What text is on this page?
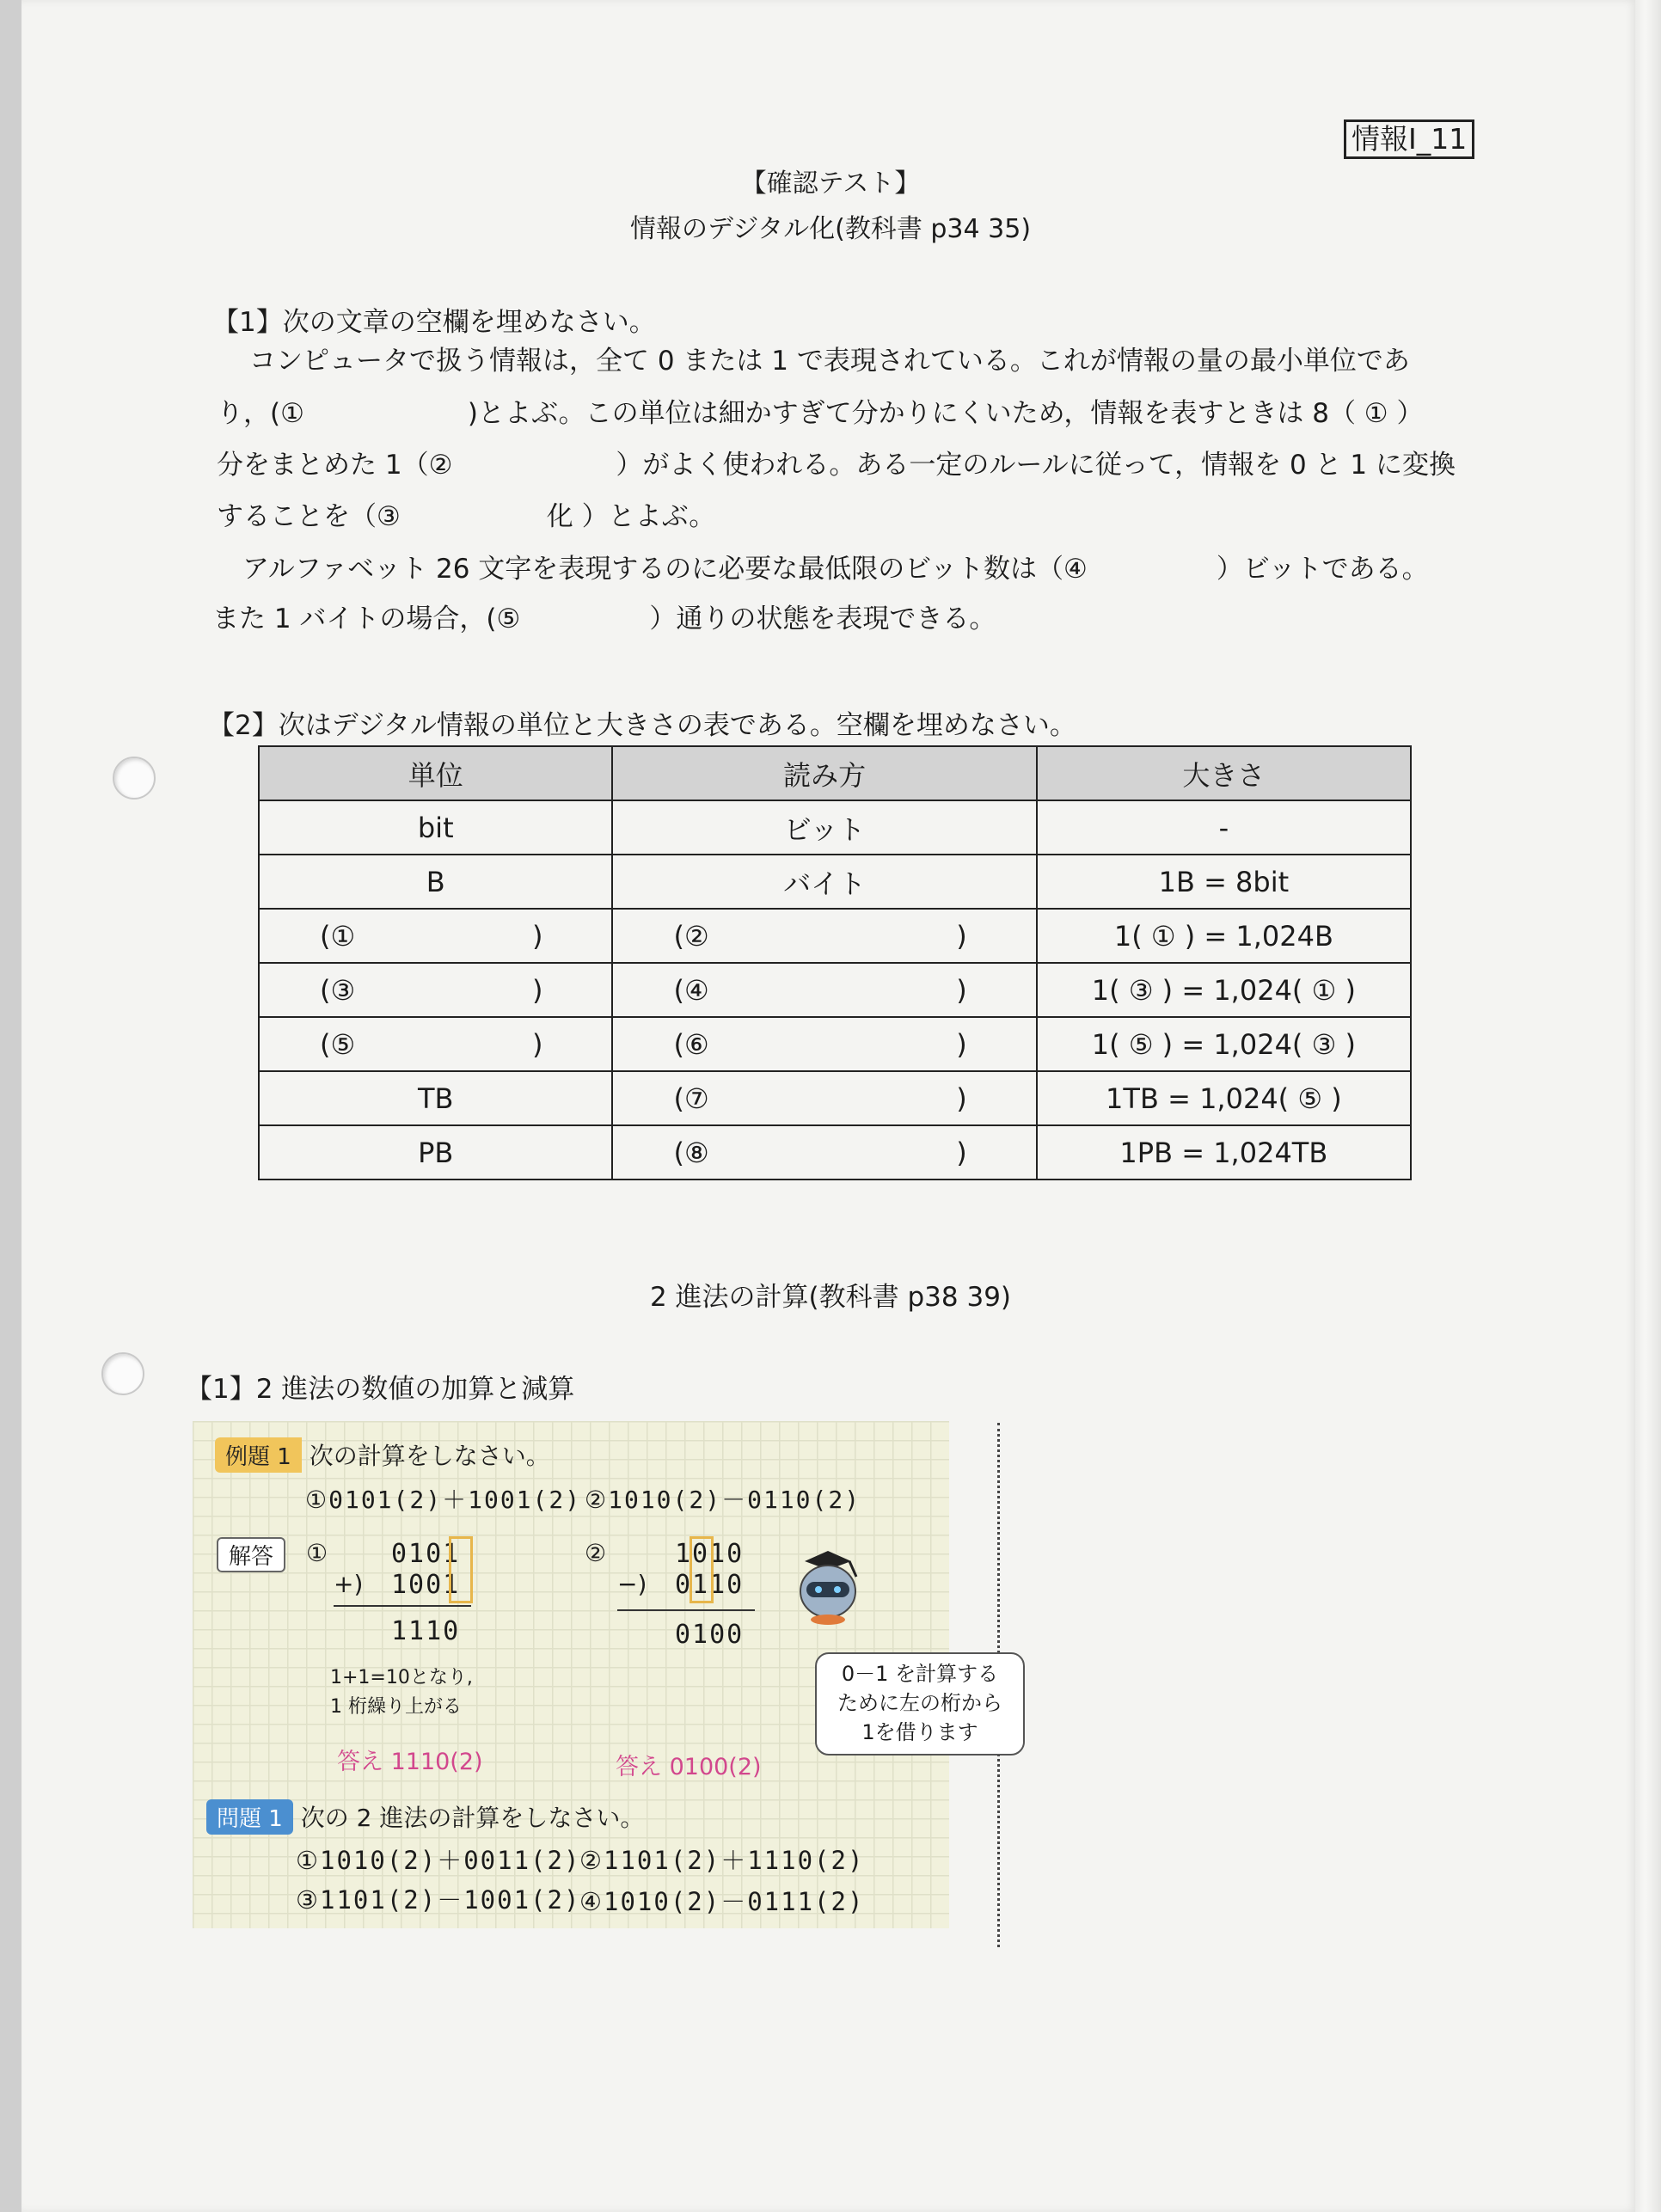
情報Ⅰ_11
【確認テスト】
情報のデジタル化(教科書 p34 35)
【1】次の文章の空欄を埋めなさい。
コンピュータで扱う情報は，全て 0 または 1 で表現されている。これが情報の量の最小単位であ
り，(①	)とよぶ。この単位は細かすぎて分かりにくいため，情報を表すときは 8（ ① ）
分をまとめた 1（②	）がよく使われる。ある一定のルールに従って，情報を 0 と 1 に変換
することを（③	化 ）とよぶ。
アルファベット 26 文字を表現するのに必要な最低限のビット数は（④	）ビットである。
また 1 バイトの場合，(⑤	）通りの状態を表現できる。
【2】次はデジタル情報の単位と大きさの表である。空欄を埋めなさい。
単位	読み方	大きさ
bit	ビット	-
B	バイト	1B = 8bit

(① )	(② )	1( ① ) = 1,024B

(③ )	(④ )	1( ③ ) = 1,024( ① )

(⑤ )	(⑥ )	1( ⑤ ) = 1,024( ③ )
TB	(⑦ )	1TB = 1,024( ⑤ )
PB	(⑧ )	1PB = 1,024TB
2 進法の計算(教科書 p38 39)
【1】2 進法の数値の加算と減算
例題 1 次の計算をしなさい。
①0101(2)＋1001(2) ②1010(2)－0110(2)
解答	① 0101
+) 1001
1110
1+1=10となり,
1 桁繰り上がる
②	1010
−) 0110
0100
0－1 を計算する
ために左の桁から
1を借ります
答え 1110(2)	答え 0100(2)
問題 1 次の 2 進法の計算をしなさい。
①1010(2)＋0011(2)
②1101(2)＋1110(2)
③1101(2)－1001(2)
④1010(2)－0111(2)
